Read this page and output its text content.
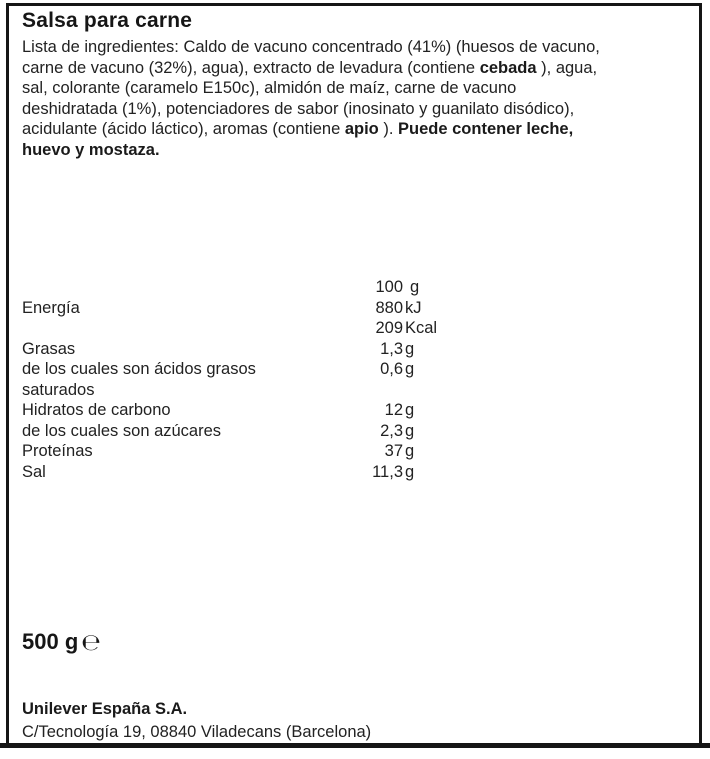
Salsa para carne
Lista de ingredientes: Caldo de vacuno concentrado (41%) (huesos de vacuno,
carne de vacuno (32%), agua), extracto de levadura (contiene cebada ), agua,
sal, colorante (caramelo E150c), almidón de maíz, carne de vacuno
deshidratada (1%), potenciadores de sabor (inosinato y guanilato disódico),
acidulante (ácido láctico), aromas (contiene apio ). Puede contener leche,
huevo y mostaza.
100 g
Energía	880 kJ
209 Kcal
Grasas	1,3 g
de los cuales son ácidos grasos	0,6 g
saturados
Hidratos de carbono	12 g
de los cuales son azúcares	2,3 g
Proteínas	37 g
Sal	11,3 g
500 g ℮
Unilever España S.A.
C/Tecnología 19, 08840 Viladecans (Barcelona)
